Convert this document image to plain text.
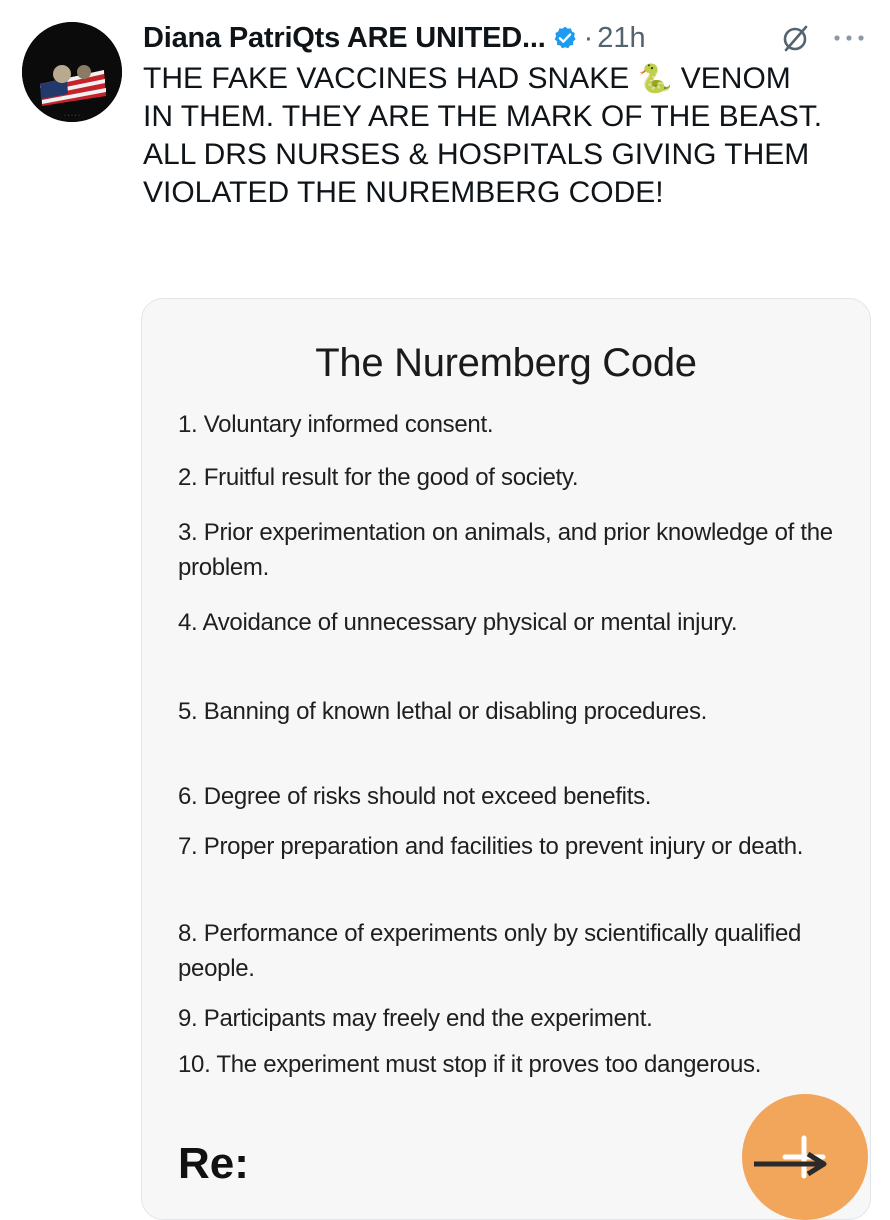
· · · · ·
Diana PatriQts ARE UNITED... · 21h

THE FAKE VACCINES HAD SNAKE 🐍 VENOM

IN THEM. THEY ARE THE MARK OF THE BEAST.

ALL DRS NURSES & HOSPITALS GIVING THEM VIOLATED THE NUREMBERG CODE!

The Nuremberg Code
1. Voluntary informed consent.
2. Fruitful result for the good of society.
3. Prior experimentation on animals, and prior knowledge of the problem.
4. Avoidance of unnecessary physical or mental injury.
5. Banning of known lethal or disabling procedures.
6. Degree of risks should not exceed benefits.
7. Proper preparation and facilities to prevent injury or death.
8. Performance of experiments only by scientifically qualified people.
9. Participants may freely end the experiment.
10. The experiment must stop if it proves too dangerous.
Re:
